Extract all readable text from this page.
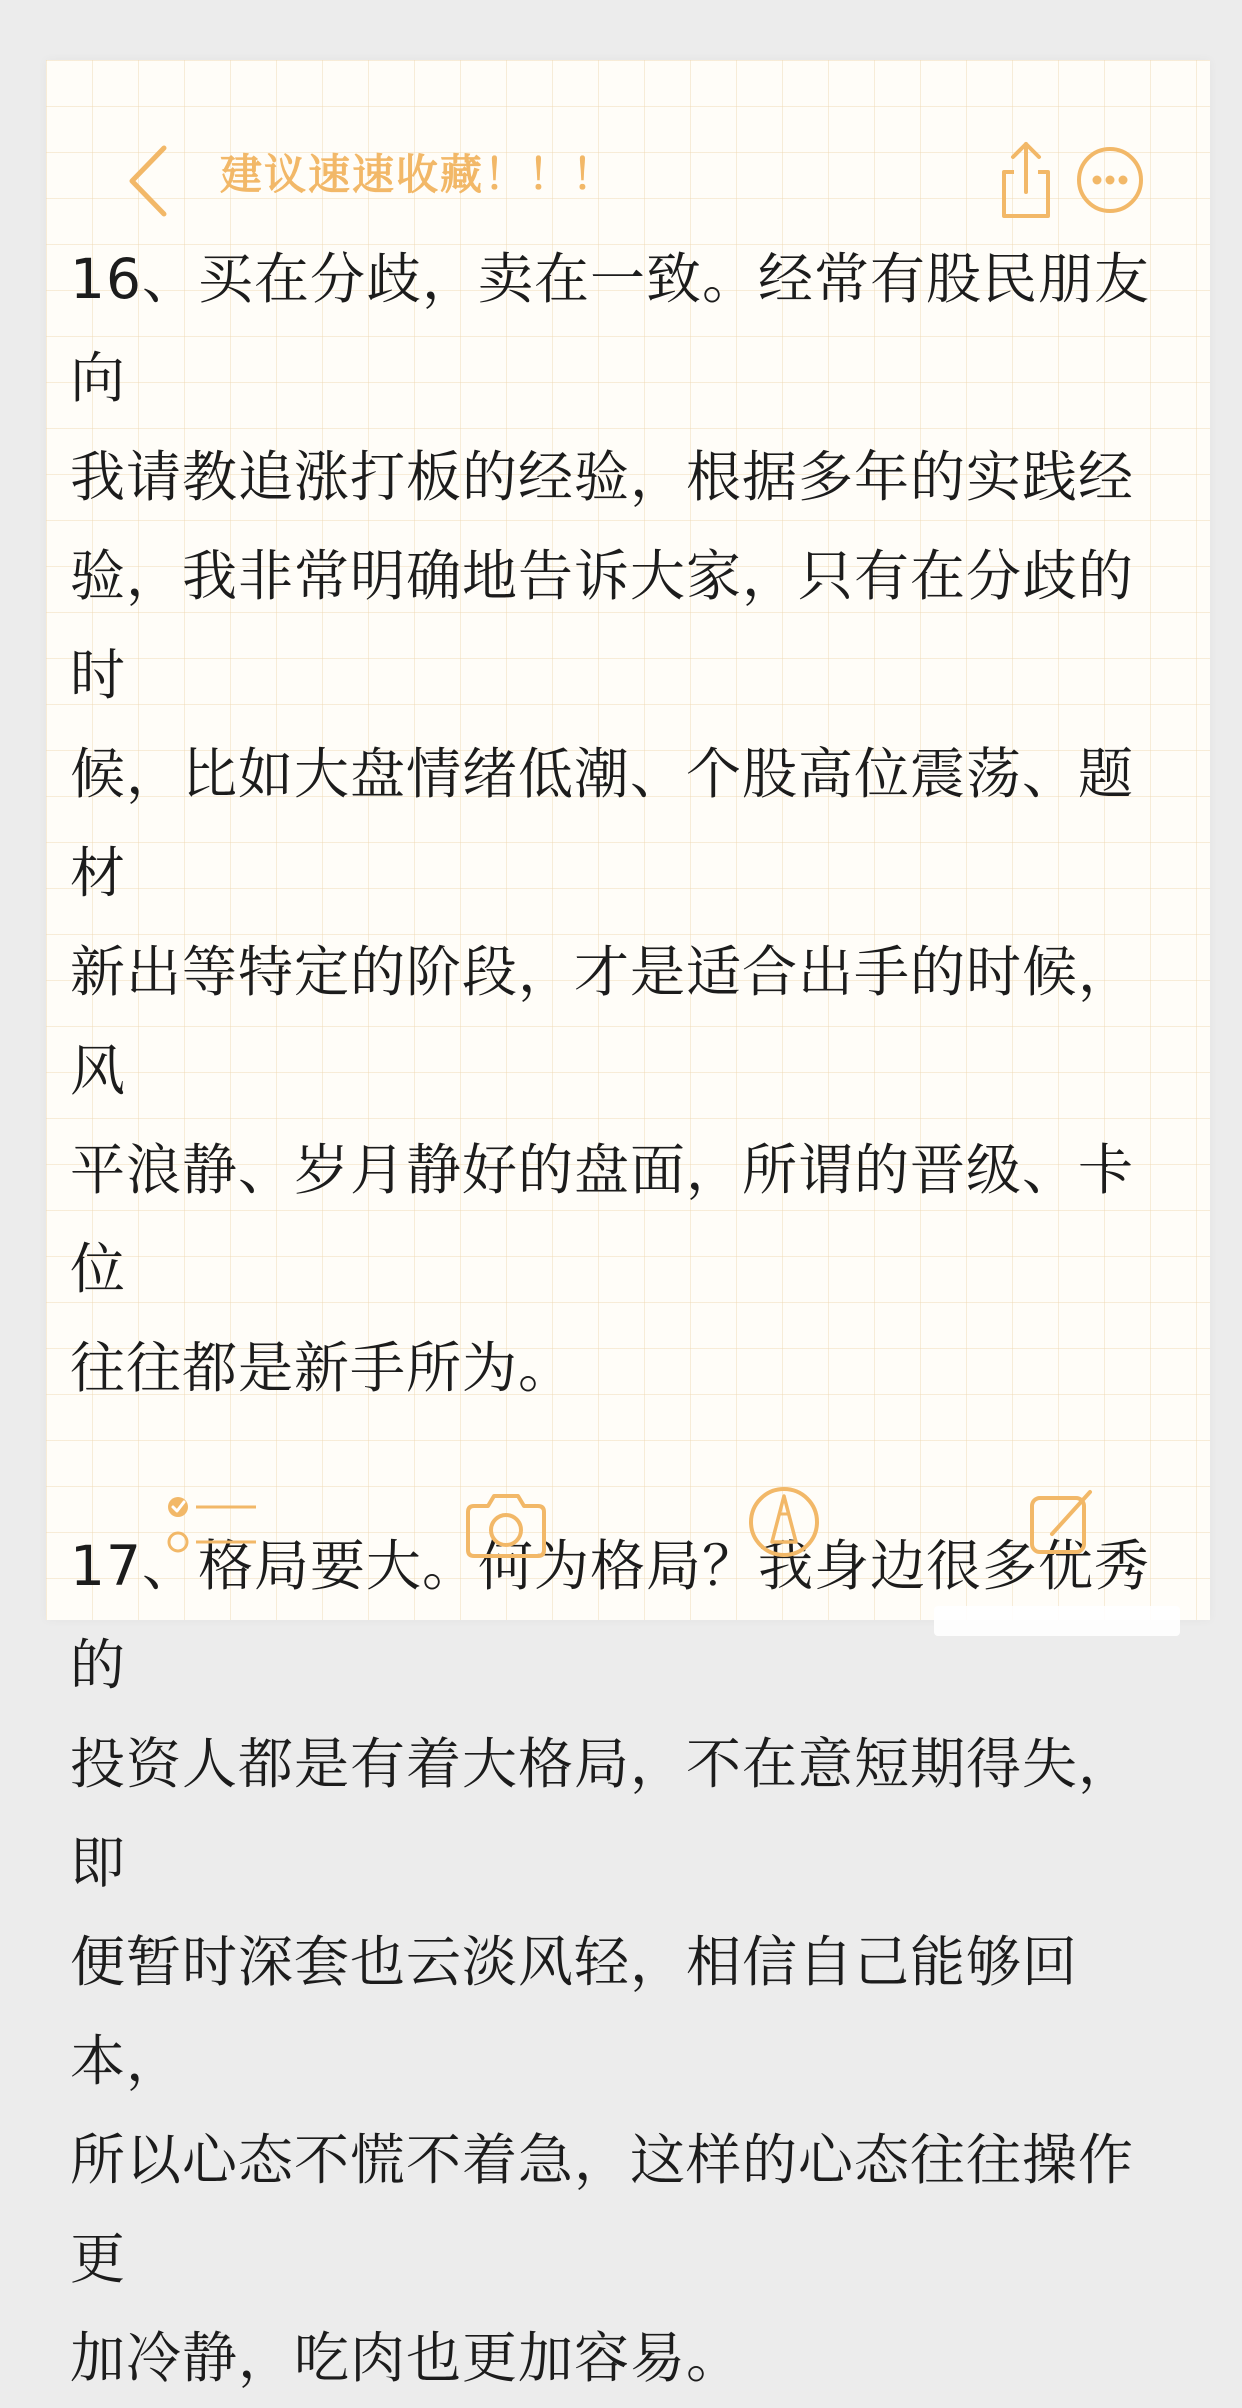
建议速速收藏！！！

16、买在分歧，卖在一致。经常有股民朋友向
我请教追涨打板的经验，根据多年的实践经
验，我非常明确地告诉大家，只有在分歧的时
候，比如大盘情绪低潮、个股高位震荡、题材
新出等特定的阶段，才是适合出手的时候，风
平浪静、岁月静好的盘面，所谓的晋级、卡位
往往都是新手所为。

17、格局要大。何为格局？我身边很多优秀的
投资人都是有着大格局，不在意短期得失，即
便暂时深套也云淡风轻，相信自己能够回本，
所以心态不慌不着急，这样的心态往往操作更
加冷静，吃肉也更加容易。
